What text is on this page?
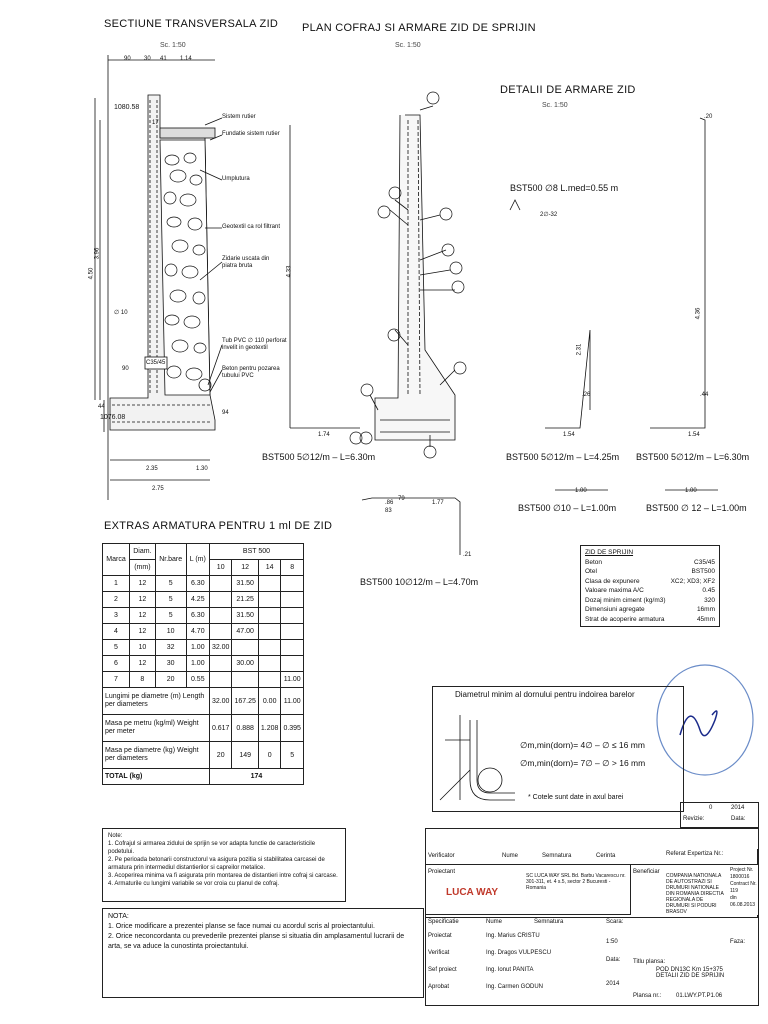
SECTIUNE TRANSVERSALA ZID
Sc. 1:50
PLAN COFRAJ SI ARMARE ZID DE SPRIJIN
Sc. 1:50
DETALII DE ARMARE ZID
Sc. 1:50
EXTRAS ARMATURA PENTRU 1 ml DE ZID
90 30 41 1.14
1080.58
1076.08
4.50
3.96
∅ 10
C35/45
90
2.35	1.30
2.75
44
94
17
Sistem rutier
Fundatie sistem rutier
Umplutura
Geotextil ca rol filtrant
Zidarie uscata din piatra bruta
Tub PVC ∅ 110 perforat invelit in geotextil
Beton pentru pozarea tubului PVC
1.74
4.33
1.54	1.54
2.31
.26
4.36
.44
.20
1.00	1.00
79
.86
83
1.77
.21
BST500 5∅12/m – L=6.30m	BST500 5∅12/m – L=4.25m BST500 5∅12/m – L=6.30m
BST500 10∅12/m – L=4.70m
BST500 ∅10 – L=1.00m	BST500 ∅ 12 – L=1.00m
BST500 ∅8 L.med=0.55 m
2∅-32
Marca	Diam.	Nr.bare	L (m)	BST 500			
	(mm)			10	12	14	8
1	12	5	6.30		31.50		
2	12	5	4.25		21.25		
3	12	5	6.30		31.50		
4	12	10	4.70		47.00		
5	10	32	1.00	32.00			
6	12	30	1.00		30.00		
7	8	20	0.55				11.00
Lungimi pe diametre (m) Length per diameters				32.00	167.25	0.00	11.00
Masa pe metru (kg/ml) Weight per meter				0.617	0.888	1.208	0.395
Masa pe diametre (kg) Weight per diameters				20	149	0	5
TOTAL (kg)				174			
ZID DE SPRIJIN
Beton	C35/45
Otel	BST500
Clasa de expunere	XC2; XD3; XF2
Valoare maxima A/C	0.45
Dozaj minim ciment (kg/m3)	320
Dimensiuni agregate	16mm
Strat de acoperire armatura	45mm
Diametrul minim al dornului pentru indoirea barelor
∅m,min(dorn)= 4∅ – ∅ ≤ 16 mm
∅m,min(dorn)= 7∅ – ∅ > 16 mm
* Cotele sunt date in axul barei
Note:
1. Cofrajul si armarea zidului de sprijin se vor adapta functie de caracteristicile podetului.
2. Pe perioada betonarii constructorul va asigura pozitia si stabilitatea carcasei de armatura prin intermediul distantierilor si capreilor metalice.
3. Acoperirea minima va fi asigurata prin montarea de distantieri intre cofraj si carcase.
4. Armaturile cu lungimi variabile se vor croia cu planul de cofraj.
NOTA:
1. Orice modificare a prezentei planse se face numai cu acordul scris al proiectantului.
2. Orice neconcordanta cu prevederile prezentei planse si situatia din amplasamentul lucrarii de arta, se va aduce la cunostinta proiectantului.
Revizie:
0	2014
Data:
Verificator	Nume	Semnatura	Cerinta	Referat Expertiza Nr.:
Proiectant
LUCA WAY
SC LUCA WAY SRL Bd. Barbu Vacarescu nr. 301-311, et. 4 s.5, sector 2 Bucuresti - Romania
Beneficiar
COMPANIA NATIONALA DE AUTOSTRAZI SI DRUMURI NATIONALE DIN ROMANIA DIRECTIA REGIONALA DE DRUMURI SI PODURI BRASOV
Project Nr.
1800016
Contract Nr.
119
din 06.08.2013
Specificatie	Nume	Semnatura	Scara:
1:50
Proiectat	Ing. Marius CRISTU
Verificat	Ing. Dragos VULPESCU
Sef proiect	Ing. Ionut PANITA
Aprobat	Ing. Carmen GODUN
Data:
2014
Titlu plansa:
POD DN13C Km 15+375 DETALII ZID DE SPRIJIN
Plansa nr.: 01.LWY.PT.P1.06
Faza:
